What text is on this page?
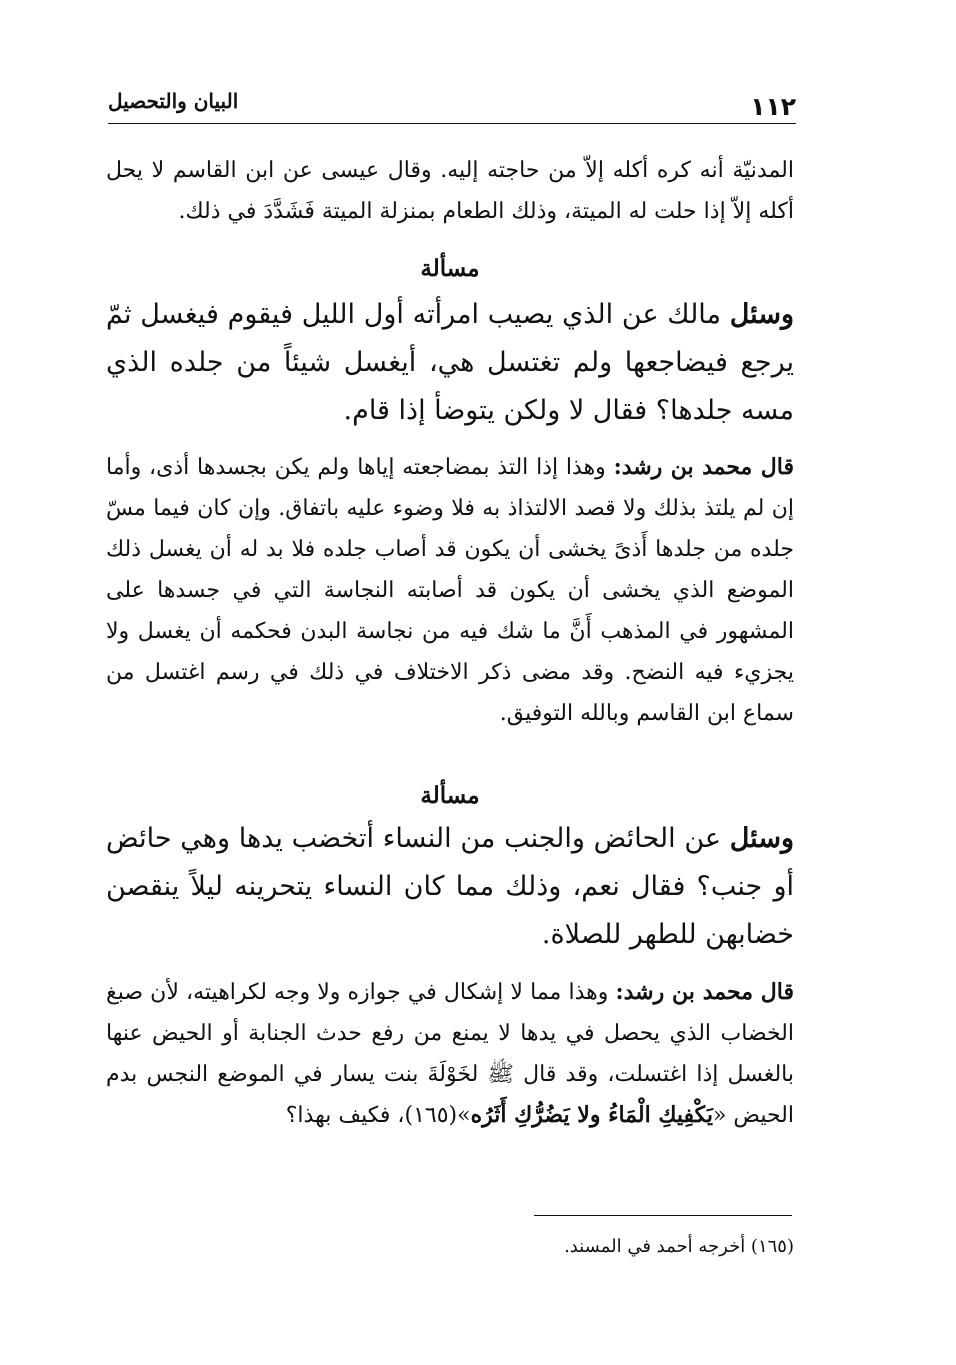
١١٢
البيان والتحصيل

المدنيّة أنه كره أكله إلاّ من حاجته إليه. وقال عيسى عن ابن القاسم لا يحل أكله إلاّ إذا حلت له الميتة، وذلك الطعام بمنزلة الميتة فَشَدَّدَ في ذلك.

مسألة

وسئل مالك عن الذي يصيب امرأته أول الليل فيقوم فيغسل ثمّ يرجع فيضاجعها ولم تغتسل هي، أيغسل شيئاً من جلده الذي مسه جلدها؟ فقال لا ولكن يتوضأ إذا قام.

قال محمد بن رشد: وهذا إذا التذ بمضاجعته إياها ولم يكن بجسدها أذى، وأما إن لم يلتذ بذلك ولا قصد الالتذاذ به فلا وضوء عليه باتفاق. وإن كان فيما مسّ جلده من جلدها أَذىً يخشى أن يكون قد أصاب جلده فلا بد له أن يغسل ذلك الموضع الذي يخشى أن يكون قد أصابته النجاسة التي في جسدها على المشهور في المذهب أَنَّ ما شك فيه من نجاسة البدن فحكمه أن يغسل ولا يجزيء فيه النضح. وقد مضى ذكر الاختلاف في ذلك في رسم اغتسل من سماع ابن القاسم وبالله التوفيق.

مسألة

وسئل عن الحائض والجنب من النساء أتخضب يدها وهي حائض أو جنب؟ فقال نعم، وذلك مما كان النساء يتحرينه ليلاً ينقصن خضابهن للطهر للصلاة.

قال محمد بن رشد: وهذا مما لا إشكال في جوازه ولا وجه لكراهيته، لأن صبغ الخضاب الذي يحصل في يدها لا يمنع من رفع حدث الجنابة أو الحيض عنها بالغسل إذا اغتسلت، وقد قال ﷺ لخَوْلَةَ بنت يسار في الموضع النجس بدم الحيض «يَكْفِيكِ الْمَاءُ ولا يَضُرُّكِ أَثَرُه»(١٦٥)، فكيف بهذا؟

(١٦٥) أخرجه أحمد في المسند.
